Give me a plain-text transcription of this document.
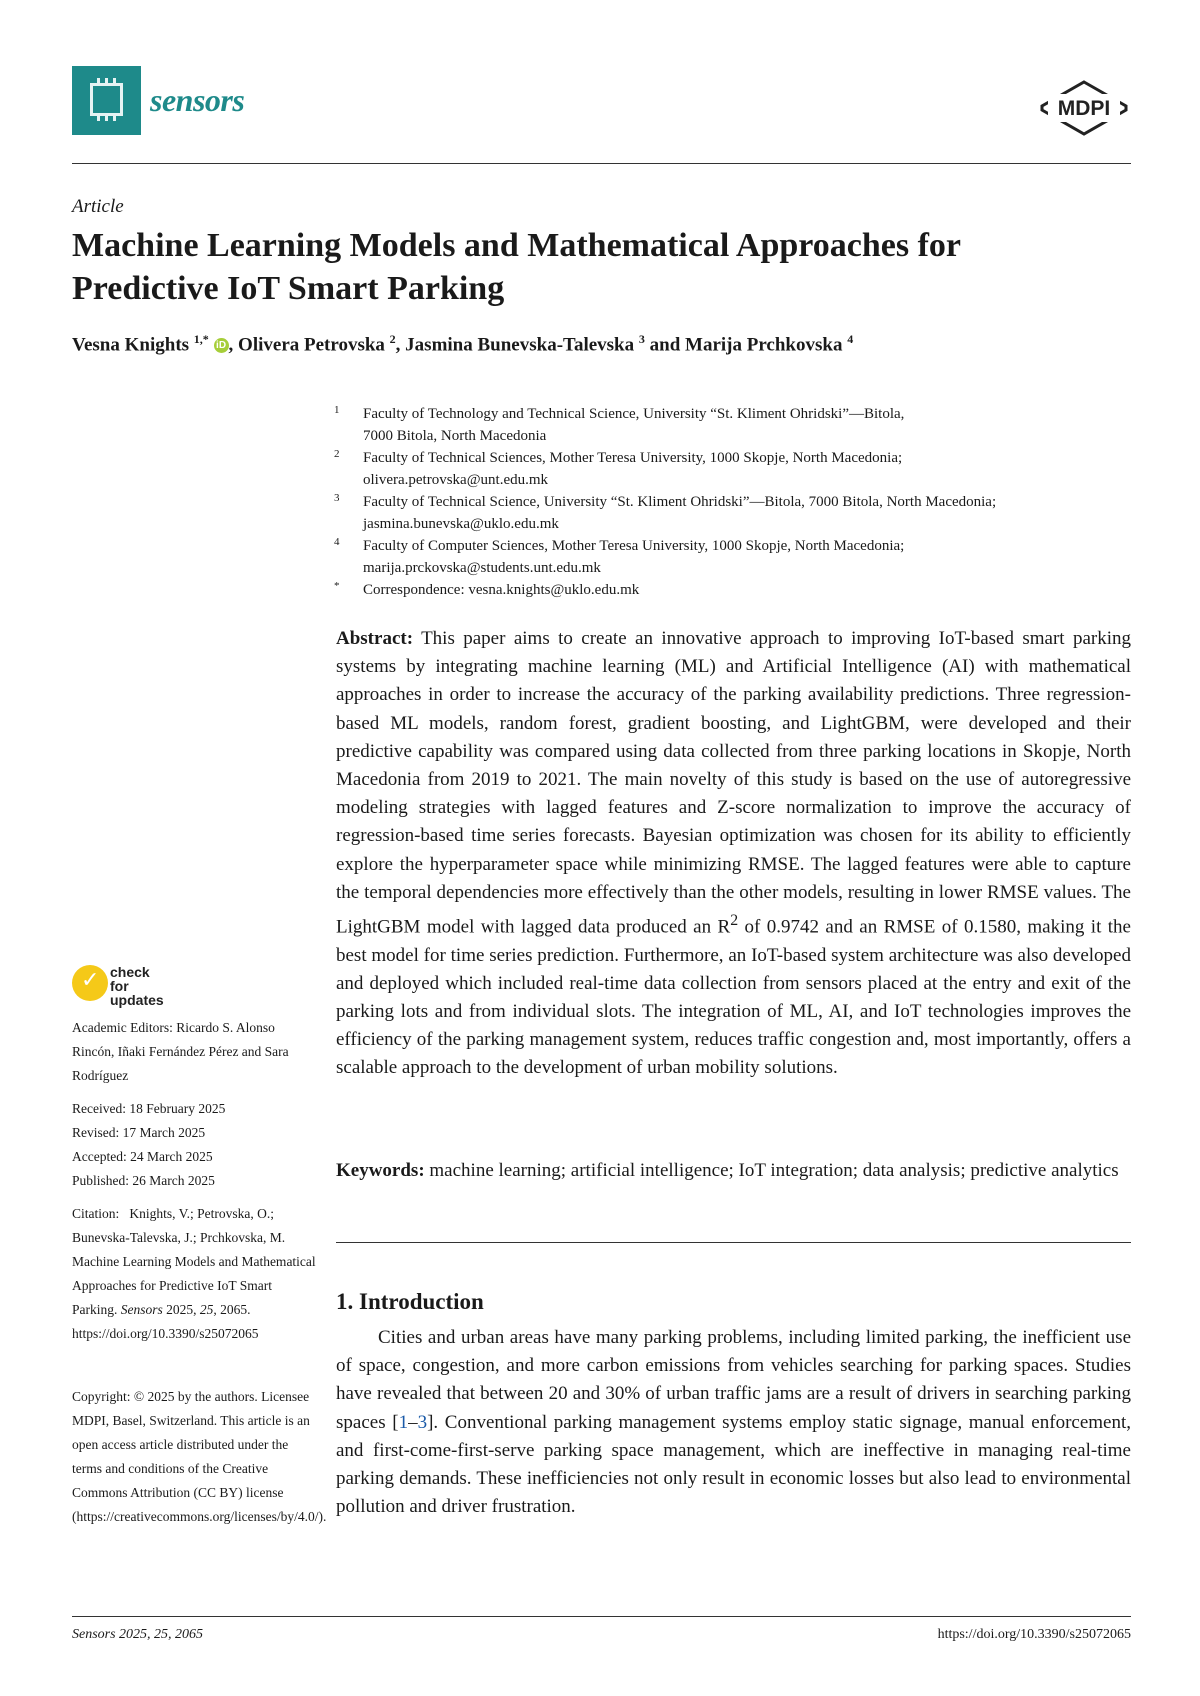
sensors	MDPI
Article
Machine Learning Models and Mathematical Approaches for
Predictive IoT Smart Parking
Vesna Knights $^{1,*}$ iD , Olivera Petrovska $^2$, Jasmina Bunevska-Talevska $^3$ and Marija Prchkovska $^4$
1 Faculty of Technology and Technical Science, University “St. Kliment Ohridski”—Bitola,
7000 Bitola, North Macedonia
2 Faculty of Technical Sciences, Mother Teresa University, 1000 Skopje, North Macedonia;
olivera.petrovska@unt.edu.mk
3 Faculty of Technical Science, University “St. Kliment Ohridski”—Bitola, 7000 Bitola, North Macedonia;
jasmina.bunevska@uklo.edu.mk
4 Faculty of Computer Sciences, Mother Teresa University, 1000 Skopje, North Macedonia;
marija.prckovska@students.unt.edu.mk
* Correspondence: vesna.knights@uklo.edu.mk
Abstract: This paper aims to create an innovative approach to improving IoT-based smart parking systems by integrating machine learning (ML) and Artificial Intelligence (AI) with mathematical approaches in order to increase the accuracy of the parking availability predictions. Three regression-based ML models, random forest, gradient boosting, and LightGBM, were developed and their predictive capability was compared using data collected from three parking locations in Skopje, North Macedonia from 2019 to 2021. The main novelty of this study is based on the use of autoregressive modeling strategies with lagged features and Z-score normalization to improve the accuracy of regression-based time series forecasts. Bayesian optimization was chosen for its ability to efficiently explore the hyperparameter space while minimizing RMSE. The lagged features were able to capture the temporal dependencies more effectively than the other models, resulting in lower RMSE values. The LightGBM model with lagged data produced an $R^2$ of 0.9742 and an RMSE of 0.1580, making it the best model for time series prediction. Furthermore, an IoT-based system architecture was also developed and deployed which included real-time data collection from sensors placed at the entry and exit of the parking lots and from individual slots. The integration of ML, AI, and IoT technologies improves the efficiency of the parking management system, reduces traffic congestion and, most importantly, offers a scalable approach to the development of urban mobility solutions.
Keywords: machine learning; artificial intelligence; IoT integration; data analysis; predictive analytics
1. Introduction
Cities and urban areas have many parking problems, including limited parking, the inefficient use of space, congestion, and more carbon emissions from vehicles searching for parking spaces. Studies have revealed that between 20 and 30% of urban traffic jams are a result of drivers in searching parking spaces [1–3]. Conventional parking management systems employ static signage, manual enforcement, and first-come-first-serve parking space management, which are ineffective in managing real-time parking demands. These inefficiencies not only result in economic losses but also lead to environmental pollution and driver frustration.
✓ check for
updates
Academic Editors: Ricardo S. Alonso Rincón, Iñaki Fernández Pérez and Sara Rodríguez
Received: 18 February 2025
Revised: 17 March 2025
Accepted: 24 March 2025
Published: 26 March 2025
Citation:   Knights, V.; Petrovska, O.; Bunevska-Talevska, J.; Prchkovska, M. Machine Learning Models and Mathematical Approaches for Predictive IoT Smart Parking. Sensors 2025, 25, 2065. https://doi.org/10.3390/s25072065
Copyright: © 2025 by the authors. Licensee MDPI, Basel, Switzerland. This article is an open access article distributed under the terms and conditions of the Creative Commons Attribution (CC BY) license (https://creativecommons.org/licenses/by/4.0/).
Sensors 2025, 25, 2065	https://doi.org/10.3390/s25072065
